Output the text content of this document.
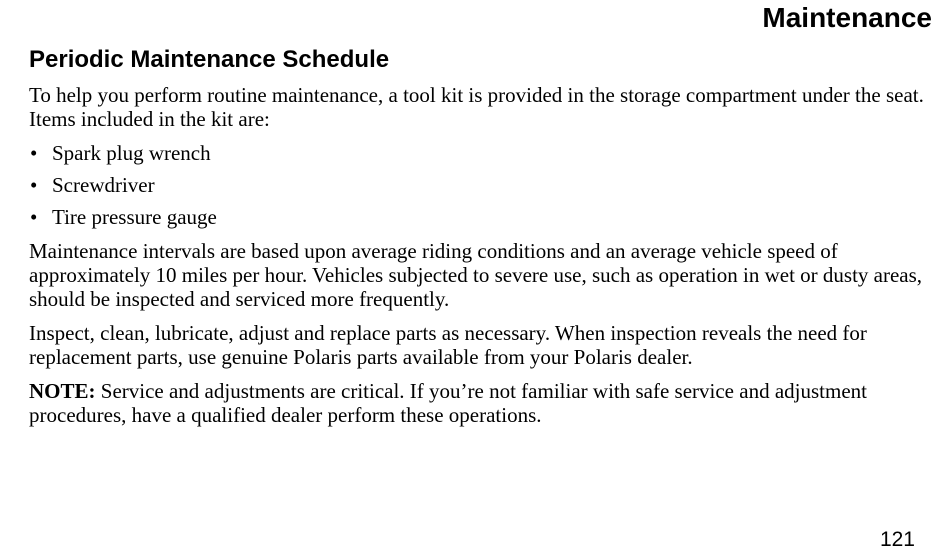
Maintenance
Periodic Maintenance Schedule

To help you perform routine maintenance, a tool kit is provided in the storage compartment under the seat. Items included in the kit are:

• Spark plug wrench
• Screwdriver
• Tire pressure gauge

Maintenance intervals are based upon average riding conditions and an average vehicle speed of approximately 10 miles per hour. Vehicles subjected to severe use, such as operation in wet or dusty areas, should be inspected and serviced more frequently.

Inspect, clean, lubricate, adjust and replace parts as necessary. When inspection reveals the need for replacement parts, use genuine Polaris parts available from your Polaris dealer.

NOTE: Service and adjustments are critical. If you’re not familiar with safe service and adjustment procedures, have a qualified dealer perform these operations.

121
